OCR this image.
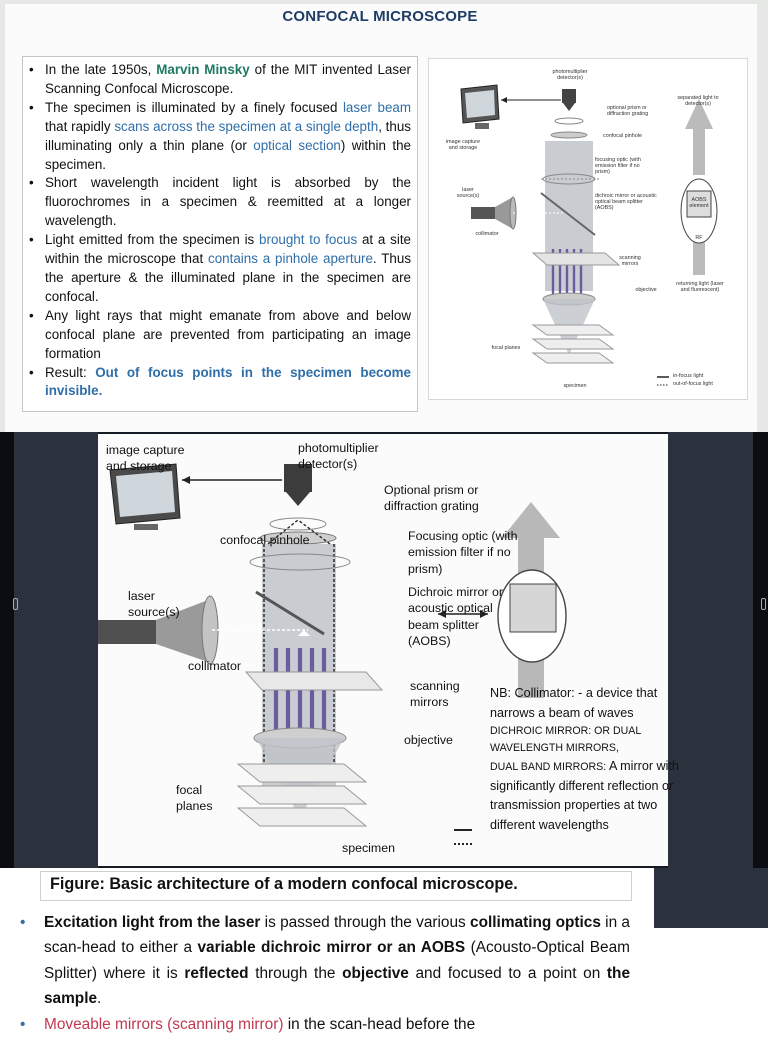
CONFOCAL MICROSCOPE
• In the late 1950s, Marvin Minsky of the MIT invented Laser Scanning Confocal Microscope.
• The specimen is illuminated by a finely focused laser beam that rapidly scans across the specimen at a single depth, thus illuminating only a thin plane (or optical section) within the specimen.
• Short wavelength incident light is absorbed by the fluorochromes in a specimen & reemitted at a longer wavelength.
• Light emitted from the specimen is brought to focus at a site within the microscope that contains a pinhole aperture. Thus the aperture & the illuminated plane in the specimen are confocal.
• Any light rays that might emanate from above and below confocal plane are prevented from participating an image formation
• Result: Out of focus points in the specimen become invisible.
photomultiplier detector(s)
image capture and storage
optional prism or diffraction grating
confocal pinhole
focusing optic (with emission filter if no prism)
laser source(s)
collimator
dichroic mirror or acoustic optical beam splitter (AOBS)
scanning mirrors
objective
focal planes
specimen
separated light to detector(s)
AOBS element
RF
returning light (laser and fluorescent)
in-focus light
out-of-focus light
image capture and storage
photomultiplier detector(s)
Optional prism or diffraction grating
confocal pinhole	Focusing optic (with emission filter if no prism)
laser source(s)
Dichroic mirror or acoustic optical beam splitter (AOBS)
collimator
scanning mirrors
objective
focal planes
specimen
NB: Collimator: - a device that narrows a beam of waves
DICHROIC MIRROR: OR DUAL WAVELENGTH MIRRORS,
DUAL BAND MIRRORS: A mirror with significantly different reflection or transmission properties at two different wavelengths
Figure: Basic architecture of a modern confocal microscope.
• Excitation light from the laser is passed through the various collimating optics in a scan-head to either a variable dichroic mirror or an AOBS (Acousto-Optical Beam Splitter) where it is reflected through the objective and focused to a point on the sample.
• Moveable mirrors (scanning mirror) in the scan-head before the
